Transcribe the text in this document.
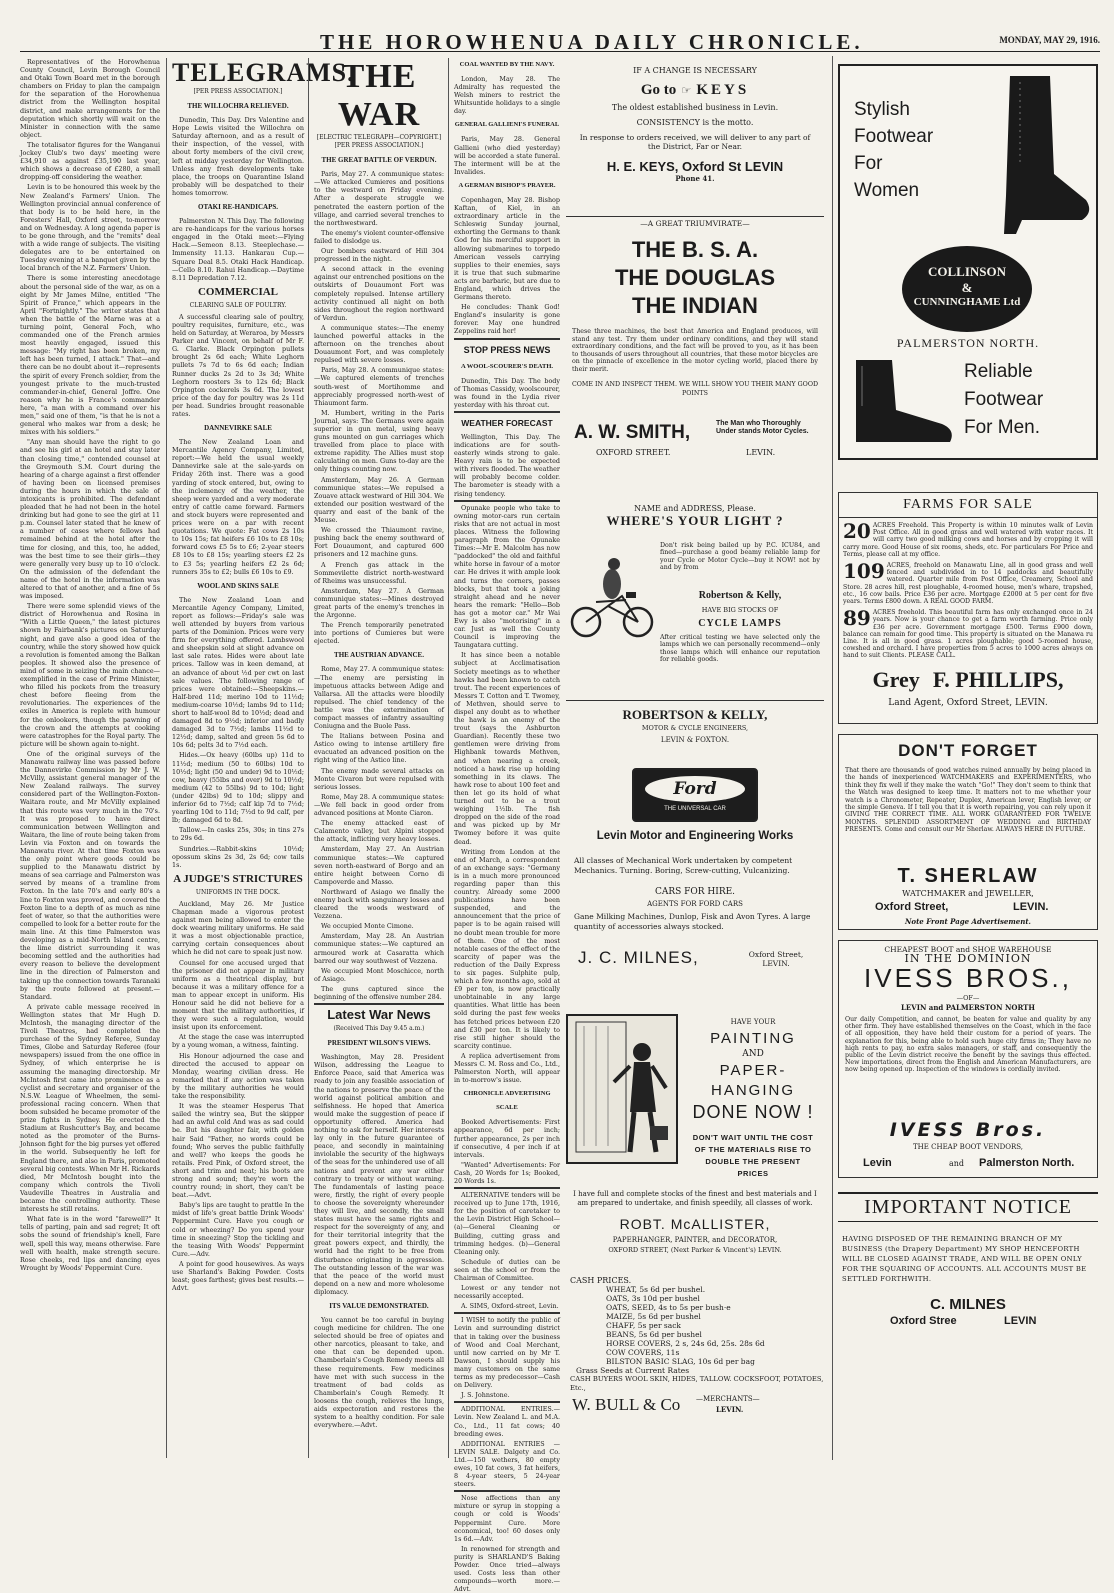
THE HOROWHENUA DAILY CHRONICLE.	MONDAY, MAY 29, 1916.

Representatives of the Horowhenua County Council, Levin Borough Council and Otaki Town Board met in the borough chambers on Friday to plan the campaign for the separation of the Horowhenua district from the Wellington hospital district, and make arrangements for the deputation which shortly will wait on the Minister in connection with the same object.

The totalisator figures for the Wanganui Jockey Club's two days' meeting were £34,910 as against £35,190 last year, which shows a decrease of £280, a small dropping-off considering the weather.

Levin is to be honoured this week by the New Zealand's Farmers' Union. The Wellington provincial annual conference of that body is to be held here, in the Foresters' Hall, Oxford street, to-morrow and on Wednesday. A long agenda paper is to be gone through, and the "remits" deal with a wide range of subjects. The visiting delegates are to be entertained on Tuesday evening at a banquet given by the local branch of the N.Z. Farmers' Union.

There is some interesting anecdotage about the personal side of the war, as on a eight by Mr James Milne, entitled "The Spirit of France," which appears in the April "Fortnightly." The writer states that when the battle of the Marne was at a turning point, General Foch, who commanded one of the French armies most heavily engaged, issued this message: "My right has been broken, my left has been turned, I attack." That—and there can be no doubt about it—represents the spirit of every French soldier, from the youngest private to the much-trusted commander-in-chief, General Joffre. One reason why he is France's commander here, "a man with a command over his men," said one of them, "is that he is not a general who makes war from a desk; he mixes with his soldiers."

"Any man should have the right to go and see his girl at an hotel and stay later than closing time," contended counsel at the Greymouth S.M. Court during the hearing of a charge against a first offender of having been on licensed premises during the hours in which the sale of intoxicants is prohibited. The defendant pleaded that he had not been in the hotel drinking but had gone to see the girl at 11 p.m. Counsel later stated that he knew of a number of cases where fellows had remained behind at the hotel after the time for closing, and this, too, he added, was the best time to see their girls—they were generally very busy up to 10 o'clock. On the admission of the defendant the name of the hotel in the information was altered to that of another, and a fine of 5s was imposed.

There were some splendid views of the district of Horowhenua and Rosina in "With a Little Queen," the latest pictures shown by Fairbank's pictures on Saturday night, and gave also a good idea of the country, while the story showed how quick a revolution is fomented among the Balkan peoples. It showed also the presence of mind of some in seizing the main chance—exemplified in the case of Prime Minister, who filled his pockets from the treasury chest before fleeing from the revolutionaries. The experiences of the exiles in America is replete with humour for the onlookers, though the pawning of the crown and the attempts at cooking were catastrophes for the Royal party. The picture will be shown again to-night.

One of the original surveys of the Manawatu railway line was passed before the Dannevirke Commission by Mr J. W. McVilly, assistant general manager of the New Zealand railways. The survey considered part of the Wellington-Foxton-Waitara route, and Mr McVilly explained that this route was very much in the 70's. It was proposed to have direct communication between Wellington and Waitara, the line of route being taken from Levin via Foxton and on towards the Manawatu river. At that time Foxton was the only point where goods could be supplied to the Manawatu district by means of sea carriage and Palmerston was served by means of a tramline from Foxton. In the late 70's and early 80's a line to Foxton was proved, and covered the Foxton line to a depth of as much as nine feet of water, so that the authorities were compelled to look for a better route for the main line. At this time Palmerston was developing as a mid-North Island centre, the lime district surrounding it was becoming settled and the authorities had every reason to believe the development line in the direction of Palmerston and taking up the connection towards Taranaki by the route followed at present.—Standard.

A private cable message received in Wellington states that Mr Hugh D. McIntosh, the managing director of the Tivoli Theatres, had completed the purchase of the Sydney Referee, Sunday Times, Globe and Saturday Referee (four newspapers) issued from the one office in Sydney, of which enterprise he is assuming the managing directorship. Mr McIntosh first came into prominence as a cyclist and secretary and organiser of the N.S.W. League of Wheelmen, the semi-professional racing concern. When that boom subsided he became promoter of the prize fights in Sydney. He erected the Stadium at Rushcutter's Bay, and became noted as the promoter of the Burns-Johnson fight for the big purses yet offered in the world. Subsequently he left for England there, and also in Paris, promoted several big contests. When Mr H. Rickards died, Mr McIntosh bought into the company which controls the Tivoli Vaudeville Theatres in Australia and became the controlling authority. These interests he still retains.

What fate is in the word "farewell?" It tells of parting, pain and sad regret; It oft sobs the sound of friendship's knell, Fare well, spell this way, means otherwise. Fare well with health, make strength secure. Rose cheeks, red lips and dancing eyes Wrought by Woods' Peppermint Cure.

TELEGRAMS.
[PER PRESS ASSOCIATION.]
THE WILLOCHRA RELIEVED.

Dunedin, This Day. Drs Valentine and Hope Lewis visited the Willochra on Saturday afternoon, and as a result of their inspection, of the vessel, with about forty members of the civil crew, left at midday yesterday for Wellington. Unless any fresh developments take place, the troops on Quarantine Island probably will be despatched to their homes tomorrow.

OTAKI RE-HANDICAPS.

Palmerston N. This Day. The following are re-handicaps for the various horses engaged in the Otaki meet:—Flying Hack.—Semeon 8.13. Steeplechase.—Immensity 11.13. Hankarau Cup.—Square Deal 8.5. Otaki Hack Handicap.—Cello 8.10. Rahui Handicap.—Daytime 8.11 Depredation 7.12.

COMMERCIAL
CLEARING SALE OF POULTRY.

A successful clearing sale of poultry, poultry requisites, furniture, etc., was held on Saturday, at Weraroa, by Messrs Parker and Vincent, on behalf of Mr F. G. Clarke. Black Orpington pullets brought 2s 6d each; White Leghorn pullets 7s 7d to 6s 6d each; Indian Runner ducks 2s 2d to 3s 3d; White Leghorn roosters 3s to 12s 6d; Black Orpington cockerels 3s 6d. The lowest price of the day for poultry was 2s 11d per head. Sundries brought reasonable rates.

DANNEVIRKE SALE

The New Zealand Loan and Mercantile Agency Company, Limited, report:—We held the usual weekly Dannevirke sale at the sale-yards on Friday 26th inst. There was a good yarding of stock entered, but, owing to the inclemency of the weather, the sheep were yarded and a very moderate entry of cattle came forward. Farmers and stock buyers were represented and prices were on a par with recent quotations. We quote: Fat cows 2s 10s to 10s 15s; fat heifers £6 10s to £8 10s; forward cows £5 5s to £6; 2-year steers £8 10s to £8 15s; yearling steers £2 2s to £3 5s; yearling heifers £2 2s 6d; runners 35s to £2; bulls £6 10s to £9.

WOOL AND SKINS SALE

The New Zealand Loan and Mercantile Agency Company, Limited, report as follows:—Friday's sale was well attended by buyers from various parts of the Dominion. Prices were very firm for everything offered. Lambswool and sheepskin sold at slight advance on last sale rates. Hides were about late prices. Tallow was in keen demand, at an advance of about ½d per cwt on last sale values. The following range of prices were obtained:—Sheepskins.—Half-bred 11d; merino 10d to 11½d; medium-coarse 10½d; lambs 9d to 11d; short to half-wool 8d to 10½d; dead and damaged 8d to 9½d; inferior and badly damaged 3d to 7½d; lambs 11½d to 12½d; damp, salted and green 5s 6d to 10s 6d; pelts 3d to 7½d each.

Hides.—Ox heavy (60lbs up) 11d to 11½d; medium (50 to 60lbs) 10d to 10½d; light (50 and under) 9d to 10½d; cow, heavy (55lbs and over) 9d to 10½d; medium (42 to 55lbs) 9d to 10d; light (under 42lbs) 9d to 10d; slippy and inferior 6d to 7½d; calf kip 7d to 7½d; yearling 10d to 11d; 7½d to 9d calf, per lb; damaged 6d to 8d.

Tallow.—In casks 25s, 30s; in tins 27s to 29s 6d.

Sundries.—Rabbit-skins 10½d; opossum skins 2s 3d, 2s 6d; cow tails 1s.

A JUDGE'S STRICTURES
UNIFORMS IN THE DOCK.

Auckland, May 26. Mr Justice Chapman made a vigorous protest against men being allowed to enter the dock wearing military uniforms. He said it was a most objectionable practice, carrying certain consequences about which he did not care to speak just now.

Counsel for one accused urged that the prisoner did not appear in military uniform as a theatrical display, but because it was a military offence for a man to appear except in uniform. His Honour said he did not believe for a moment that the military authorities, if they were such a regulation, would insist upon its enforcement.

At the stage the case was interrupted by a young woman, a witness, fainting.

His Honour adjourned the case and directed the accused to appear on Monday, wearing civilian dress. He remarked that if any action was taken by the military authorities he would take the responsibility.

It was the steamer Hesperus That sailed the wintry sea, But the skipper had an awful cold And was as sad could be. But his daughter fair, with golden hair Said "Father, no words could be found; Who serves the public faithfully and well? who keeps the goods he retails. Fred Pink, of Oxford street, the short and trim and neat; his boots are strong and sound; they're worn the country round; in short, they can't be beat.—Advt.

Baby's lips are taught to prattle In the midst of life's great battle Drink Woods' Peppermint Cure. Have you cough or cold or wheezing? Do you spend your time in sneezing? Stop the tickling and the teasing With Woods' Peppermint Cure.—Adv.

A point for good housewives. As ways use Sharland's Baking Powder. Costs least; goes farthest; gives best results.—Advt.

THE WAR
[ELECTRIC TELEGRAPH—COPYRIGHT.] [PER PRESS ASSOCIATION.]
THE GREAT BATTLE OF VERDUN.

Paris, May 27. A communique states:—We attacked Cumieres and positions to the westward on Friday evening. After a desperate struggle we penetrated the eastern portion of the village, and carried several trenches to the northwestward.

The enemy's violent counter-offensive failed to dislodge us.

Our bombers eastward of Hill 304 progressed in the night.

A second attack in the evening against our entrenched positions on the outskirts of Douaumont Fort was completely repulsed. Intense artillery activity continued all night on both sides throughout the region northward of Verdun.

A communique states:—The enemy launched powerful attacks in the afternoon on the trenches about Douaumont Fort, and was completely repulsed with severe losses.

Paris, May 28. A communique states:—We captured elements of trenches south-west of Mortihomme and appreciably progressed north-west of Thiaumont farm.

M. Humbert, writing in the Paris Journal, says: The Germans were again superior in gun metal, using heavy guns mounted on gun carriages which travelled from place to place with extreme rapidity. The Allies must stop calculating on men. Guns to-day are the only things counting now.

Amsterdam, May 26. A German communique states:—We repulsed a Zouave attack westward of Hill 304. We extended our position westward of the quarry and east of the bank of the Meuse.

We crossed the Thiaumont ravine, pushing back the enemy southward of Fort Douaumont, and captured 600 prisoners and 12 machine guns.

A French gas attack in the Sommevilette district north-westward of Rheims was unsuccessful.

Amsterdam, May 27. A German communique states:—Mines destroyed great parts of the enemy's trenches in the Argonne.

The French temporarily penetrated into portions of Cumieres but were ejected.

THE AUSTRIAN ADVANCE.

Rome, May 27. A communique states:—The enemy are persisting in impetuous attacks between Adige and Vallarsa. All the attacks were bloodily repulsed. The chief tendency of the battle was the extermination of compact masses of infantry assaulting Coniugna and the Buole Pass.

The Italians between Posina and Astico owing to intense artillery fire evacuated an advanced position on the right wing of the Astico line.

The enemy made several attacks on Monte Civaron but were repulsed with serious losses.

Rome, May 28. A communique states:—We fell back in good order from advanced positions at Monte Ciaron.

The enemy attacked east of Calamento valley, but Alpini stopped the attack, inflicting very heavy losses.

Amsterdam, May 27. An Austrian communique states:—We captured seven north-eastward of Borgo and an entire height between Corno di Campoverde and Masso.

Northward of Asiago we finally the enemy back with sanguinary losses and cleared the woods westward of Vezzena.

We occupied Monte Cimone.

Amsterdam, May 28. An Austrian communique states:—We captured an armoured work at Casaratta which barred our way southwest of Vezzena.

We occupied Mont Moschicce, north of Asiago.

The guns captured since the beginning of the offensive number 284.

Latest War News
(Received This Day 9.45 a.m.)
PRESIDENT WILSON'S VIEWS.

Washington, May 28. President Wilson, addressing the League to Enforce Peace, said that America was ready to join any feasible association of the nations to preserve the peace of the world against political ambition and selfishness. He hoped that America would make the suggestion of peace if opportunity offered. America had nothing to ask for herself. Her interests lay only in the future guarantee of peace, and secondly in maintaining inviolable the security of the highways of the seas for the unhindered use of all nations and prevent any war either contrary to treaty or without warning. The fundamentals of lasting peace were, firstly, the right of every people to choose the sovereignty whereunder they will live, and secondly, the small states must have the same rights and respect for the sovereignty of any, and for their territorial integrity that the great powers expect, and thirdly, the world had the right to be free from disturbance originating in aggression. The outstanding lesson of the war was that the peace of the world must depend on a new and more wholesome diplomacy.

ITS VALUE DEMONSTRATED.

You cannot be too careful in buying cough medicine for children. The one selected should be free of opiates and other narcotics, pleasant to take, and one that can be depended upon. Chamberlain's Cough Remedy meets all these requirements. Few medicines have met with such success in the treatment of bad colds as Chamberlain's Cough Remedy. It loosens the cough, relieves the lungs, aids expectoration and restores the system to a healthy condition. For sale everywhere.—Advt.

COAL WANTED BY THE NAVY.

London, May 28. The Admiralty has requested the Welsh miners to restrict the Whitsuntide holidays to a single day.

GENERAL GALLIENI'S FUNERAL

Paris, May 28. General Gallieni (who died yesterday) will be accorded a state funeral. The interment will be at the Invalides.

A GERMAN BISHOP'S PRAYER.

Copenhagen, May 28. Bishop Kaftan, of Kiel, in an extraordinary article in the Schleswig Sunday journal, exhorting the Germans to thank God for his merciful support in allowing submarines to torpedo American vessels carrying supplies to their enemies, says it is true that such submarine acts are barbaric, but are due to England, which drives the Germans thereto.

He concludes: Thank God! England's insularity is gone forever. May one hundred Zeppelins raid her!

STOP PRESS NEWS
A WOOL-SCOURER'S DEATH.

Dunedin, This Day. The body of Thomas Cassidy, woolscourer, was found in the Lydia river yesterday with his throat cut.

WEATHER FORECAST

Wellington, This Day. The indications are for south-easterly winds strong to gale. Heavy rain is to be expected with rivers flooded. The weather will probably become colder. The barometer is steady with a rising tendency.

Opunake people who take to owning motor-cars run certain risks that are not actual in most places. Witness the following paragraph from the Opunake Times:—Mr E. Malcolm has now "paddocked" the old and faithful white horse in favour of a motor car. He drives it with ample look and turns the corners, passes blocks, but that took a joking straight ahead and he never hears the remark: "Hello—Bob has got a motor car." Mr Wai Ewy is also "motorising" in a car. Just as well the County Council is improving the Taungatara cutting.

It has since been a notable subject at Acclimatisation Society meetings as to whether hawks had been known to catch trout. The recent experiences of Messrs T. Cotton and T. Twomey, of Methven, should serve to dispel any doubt as to whether the hawk is an enemy of the trout (says the Ashburton Guardian). Recently these two gentlemen were driving from Highbank towards Methven, and when nearing a creek, noticed a hawk rise up holding something in its claws. The hawk rose to about 100 feet and then let go its hold of what turned out to be a trout weighing 1½lb. The fish dropped on the side of the road and was picked up by Mr Twomey before it was quite dead.

Writing from London at the end of March, a correspondent of an exchange says: "Germany is in a much more pronounced regarding paper than this country. Already some 2000 publications have been suspended, and the announcement that the price of paper is to be again raised will no doubt mean trouble for more of them. One of the most notable cases of the effect of the scarcity of paper was the reduction of the Daily Express to six pages. Sulphite pulp, which a few months ago, sold at £9 per ton, is now practically unobtainable in any large quantities. What little has been sold during the past few weeks has fetched prices between £20 and £30 per ton. It is likely to rise still higher should the scarcity continue.

A replica advertisement from Messrs C. M. Ross and Co., Ltd., Palmerston North, will appear in to-morrow's issue.

CHRONICLE ADVERTISING SCALE

Booked Advertisements: First appearance, 6d per inch; further appearance, 2s per inch if consecutive, 4 per inch if at intervals.

"Wanted" Advertisements: For Cash, 20 Words for 1s; Booked, 20 Words 1s.

ALTERNATIVE tenders will be received up to June 17th, 1916, for the position of caretaker to the Levin District High School—(a)—General Cleaning or Building, cutting grass and trimming hedges. (b)—General Cleaning only.

Schedule of duties can be seen at the school or from the Chairman of Committee.

Lowest or any tender not necessarily accepted.

A. SIMS, Oxford-street, Levin.

I WISH to notify the public of Levin and surrounding district that in taking over the business of Wood and Coal Merchant, until now carried on by Mr T. Dawson, I should supply his many customers on the same terms as my predecessor—Cash on Delivery.

J. S. Johnstone.

ADDITIONAL ENTRIES.—Levin. New Zealand L. and M.A. Co., Ltd., 11 fat cows; 40 breeding ewes.

ADDITIONAL ENTRIES — LEVIN SALE. Dalgety and Co. Ltd.—150 wethers, 80 empty ewes, 10 fat cows, 3 fat heifers, 8 4-year steers, 5 24-year steers.

Nose affections than any mixture or syrup in stopping a cough or cold is Woods' Peppermint Cure. More economical, too! 60 doses only 1s 6d.—Adv.

In renowned for strength and purity is SHARLAND'S Baking Powder. Once tried—always used. Costs less than other compounds—worth more.—Advt.

IF A CHANGE IS NECESSARY
Go to ☞ KEYS
The oldest established business in Levin.
CONSISTENCY is the motto.
In response to orders received, we will deliver to any part of the District, Far or Near.
H. E. KEYS, Oxford St LEVIN
Phone 41.
—A GREAT TRIUMVIRATE—
THE B. S. A.
THE DOUGLAS
THE INDIAN
These three machines, the best that America and England produces, will stand any test. Try them under ordinary conditions, and they will stand extraordinary conditions, and the fact will be proved to you, as it has been to thousands of users throughout all countries, that these motor bicycles are on the pinnacle of excellence in the motor cycling world, placed there by their merit.
COME IN AND INSPECT THEM. WE WILL SHOW YOU THEIR MANY GOOD POINTS
A. W. SMITH,	The Man who Thoroughly Under stands Motor Cycles.
OXFORD STREET.	LEVIN.
NAME and ADDRESS, Please.
WHERE'S YOUR LIGHT ?
Don't risk being bailed up by P.C. ICU84, and fined—purchase a good beamy reliable lamp for your Cycle or Motor Cycle—buy it NOW! not by and by from
Robertson & Kelly,
HAVE BIG STOCKS OF
CYCLE LAMPS
After critical testing we have selected only the lamps which we can personally recommend—only those lamps which will enhance our reputation for reliable goods.
ROBERTSON & KELLY,
MOTOR & CYCLE ENGINEERS,
LEVIN & FOXTON.
Ford
THE UNIVERSAL CAR
Levin Motor and Engineering Works
All classes of Mechanical Work undertaken by competent Mechanics. Turning. Boring, Screw-cutting, Vulcanizing.
CARS FOR HIRE.
AGENTS FOR FORD CARS
Gane Milking Machines, Dunlop, Fisk and Avon Tyres. A large quantity of accessories always stocked.
J. C. MILNES,	Oxford Street, LEVIN.
HAVE YOUR
PAINTING
AND
PAPER-
HANGING
DONE NOW !
DON'T WAIT UNTIL THE COST OF THE MATERIALS RISE TO DOUBLE THE PRESENT PRICES
I have full and complete stocks of the finest and best materials and I am prepared to undertake, and finish speedily, all classes of work.
ROBT. McALLISTER,
PAPERHANGER, PAINTER, and DECORATOR,
OXFORD STREET, (Next Parker & Vincent's) LEVIN.
CASH PRICES.
WHEAT, 5s 6d per bushel.
OATS, 3s 10d per bushel
OATS, SEED, 4s to 5s per bush·e
MAIZE, 5s 6d per bushel
CHAFF, 5s per sack
BEANS, 5s 6d per bushel
HORSE COVERS, 2 s, 24s 6d, 25s. 28s 6d
COW COVERS, 11s
BILSTON BASIC SLAG, 10s 6d per bag
Grass Seeds at Current Rates
CASH BUYERS WOOL SKIN, HIDES, TALLOW. COCKSFOOT, POTATOES, Etc.,
W. BULL & Co —MERCHANTS—
LEVIN.
Stylish
Footwear
For
Women
COLLINSON
&
CUNNINGHAME Ltd
PALMERSTON NORTH.
Reliable
Footwear
For Men.
FARMS FOR SALE
20 ACRES Freehold. This Property is within 10 minutes walk of Levin Post Office. All in good grass and well watered with water races. It will carry two good milking cows and horses and by cropping it will carry more. Good House of six rooms, sheds, etc. For particulars For Price and Terms, please call at my office.
109 ACRES, freehold on Manawatu Line, all in good grass and well fenced and subdivided in to 14 paddocks and beautifully watered. Quarter mile from Post Office, Creamery, School and Store. 28 acres hill, rest ploughable, 4-roomed house, men's whare, trapshed, etc., 16 cow bails. Price £36 per acre. Mortgage £2000 at 5 per cent for five years. Terms £800 down. A REAL GOOD FARM.
89 ACRES freehold. This beautiful farm has only exchanged once in 24 years. Now is your chance to get a farm worth farming. Price only £36 per acre. Government mortgage £500. Terms £900 down, balance can remain for good time. This property is situated on the Manawa ru Line. It is all in good grass. 1 acres ploughable; good 5-roomed house, cowshed and orchard. I have properties from 5 acres to 1000 acres always on hand to suit Clients. PLEASE CALL.
Grey F. PHILLIPS,
Land Agent, Oxford Street, LEVIN.
DON'T FORGET
That there are thousands of good watches ruined annually by being placed in the hands of inexperienced WATCHMAKERS and EXPERIMENTERS, who think they fix well if they make the watch "Go!" They don't seem to think that the Watch was designed to keep time. It matters not to me whether your watch is a Chronometer, Repeater, Duplex, American lever, English lever, or the simple Geneva. If I tell you that it is worth repairing, you can rely upon it GIVING THE CORRECT TIME. ALL WORK GUARANTEED FOR TWELVE MONTHS. SPLENDID ASSORTMENT OF WEDDING and BIRTHDAY PRESENTS. Come and consult our Mr Sherlaw. ALWAYS HERE IN FUTURE.
T. SHERLAW
WATCHMAKER and JEWELLER,
Oxford Street,	LEVIN.
Note Front Page Advertisement.
CHEAPEST BOOT and SHOE WAREHOUSE
IN THE DOMINION
IVESS BROS.,
—OF—
LEVIN and PALMERSTON NORTH
Our daily Competition, and cannot, be beaten for value and quality by any other firm. They have established themselves on the Coast, which in the face of all opposition, they have held their custom for a period of years. The explanation for this, being able to hold such huge city firms in; They have no high rents to pay, no extra sales managers, or staff, and consequently the public of the Levin district receive the benefit by the savings thus effected. New importations, direct from the English and American Manufacturers, are now being opened up. Inspection of the windows is cordially invited.
IVESS Bros.
THE CHEAP BOOT VENDORS,
Levin	and Palmerston North.
IMPORTANT NOTICE
HAVING DISPOSED OF THE REMAINING BRANCH OF MY BUSINESS (the Drapery Department) MY SHOP HENCEFORTH WILL BE CLOSED AGAINST TRADE, AND WILL BE OPEN ONLY FOR THE SQUARING OF ACCOUNTS. ALL ACCOUNTS MUST BE SETTLED FORTHWITH.
C. MILNES
Oxford Stree	LEVIN
